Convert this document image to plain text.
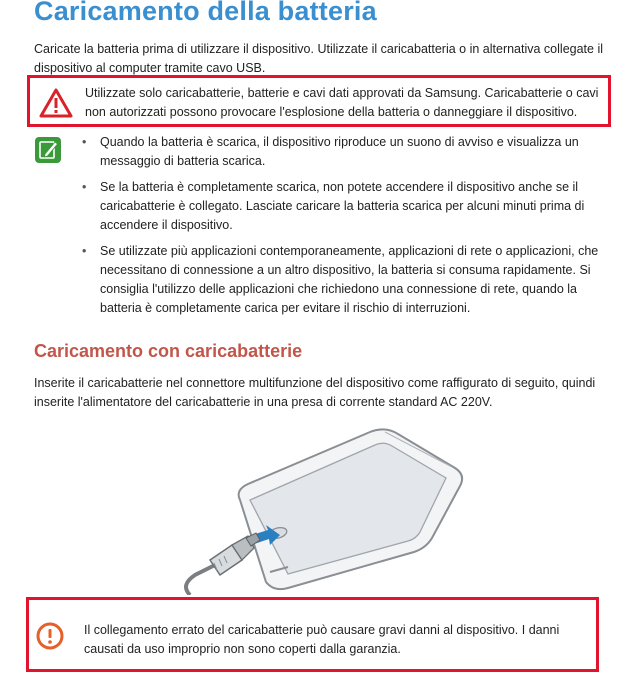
Caricamento della batteria

Caricate la batteria prima di utilizzare il dispositivo. Utilizzate il caricabatteria o in alternativa collegate il dispositivo al computer tramite cavo USB.

Utilizzate solo caricabatterie, batterie e cavi dati approvati da Samsung. Caricabatterie o cavi non autorizzati possono provocare l'esplosione della batteria o danneggiare il dispositivo.
• Quando la batteria è scarica, il dispositivo riproduce un suono di avviso e visualizza un messaggio di batteria scarica.
• Se la batteria è completamente scarica, non potete accendere il dispositivo anche se il caricabatterie è collegato. Lasciate caricare la batteria scarica per alcuni minuti prima di accendere il dispositivo.
• Se utilizzate più applicazioni contemporaneamente, applicazioni di rete o applicazioni, che necessitano di connessione a un altro dispositivo, la batteria si consuma rapidamente. Si consiglia l'utilizzo delle applicazioni che richiedono una connessione di rete, quando la batteria è completamente carica per evitare il rischio di interruzioni.
Caricamento con caricabatterie

Inserite il caricabatterie nel connettore multifunzione del dispositivo come raffigurato di seguito, quindi inserite l'alimentatore del caricabatterie in una presa di corrente standard AC 220V.

Il collegamento errato del caricabatterie può causare gravi danni al dispositivo. I danni causati da uso improprio non sono coperti dalla garanzia.
